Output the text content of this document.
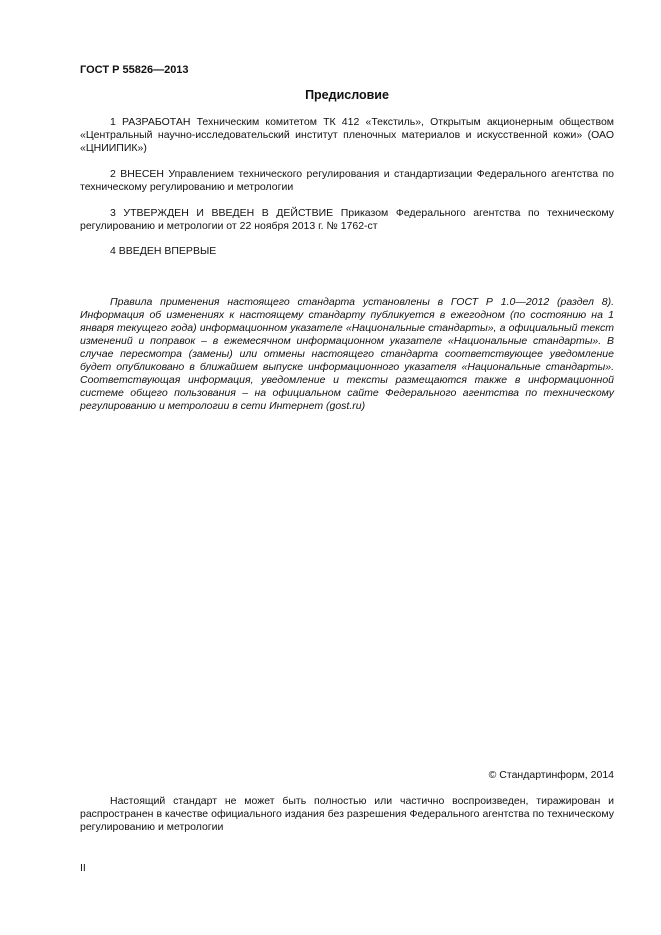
ГОСТ Р 55826—2013
Предисловие

1 РАЗРАБОТАН Техническим комитетом ТК 412 «Текстиль», Открытым акционерным обществом «Центральный научно-исследовательский институт пленочных материалов и искусственной кожи» (ОАО «ЦНИИПИК»)

2 ВНЕСЕН Управлением технического регулирования и стандартизации Федерального агентства по техническому регулированию и метрологии

3 УТВЕРЖДЕН И ВВЕДЕН В ДЕЙСТВИЕ Приказом Федерального агентства по техническому регулированию и метрологии от 22 ноября 2013 г. № 1762-ст

4 ВВЕДЕН ВПЕРВЫЕ

Правила применения настоящего стандарта установлены в ГОСТ Р 1.0—2012 (раздел 8). Информация об изменениях к настоящему стандарту публикуется в ежегодном (по состоянию на 1 января текущего года) информационном указателе «Национальные стандарты», а официальный текст изменений и поправок – в ежемесячном информационном указателе «Национальные стандарты». В случае пересмотра (замены) или отмены настоящего стандарта соответствующее уведомление будет опубликовано в ближайшем выпуске информационного указателя «Национальные стандарты». Соответствующая информация, уведомление и тексты размещаются также в информационной системе общего пользования – на официальном сайте Федерального агентства по техническому регулированию и метрологии в сети Интернет (gost.ru)

© Стандартинформ, 2014

Настоящий стандарт не может быть полностью или частично воспроизведен, тиражирован и распространен в качестве официального издания без разрешения Федерального агентства по техническому регулированию и метрологии

II
